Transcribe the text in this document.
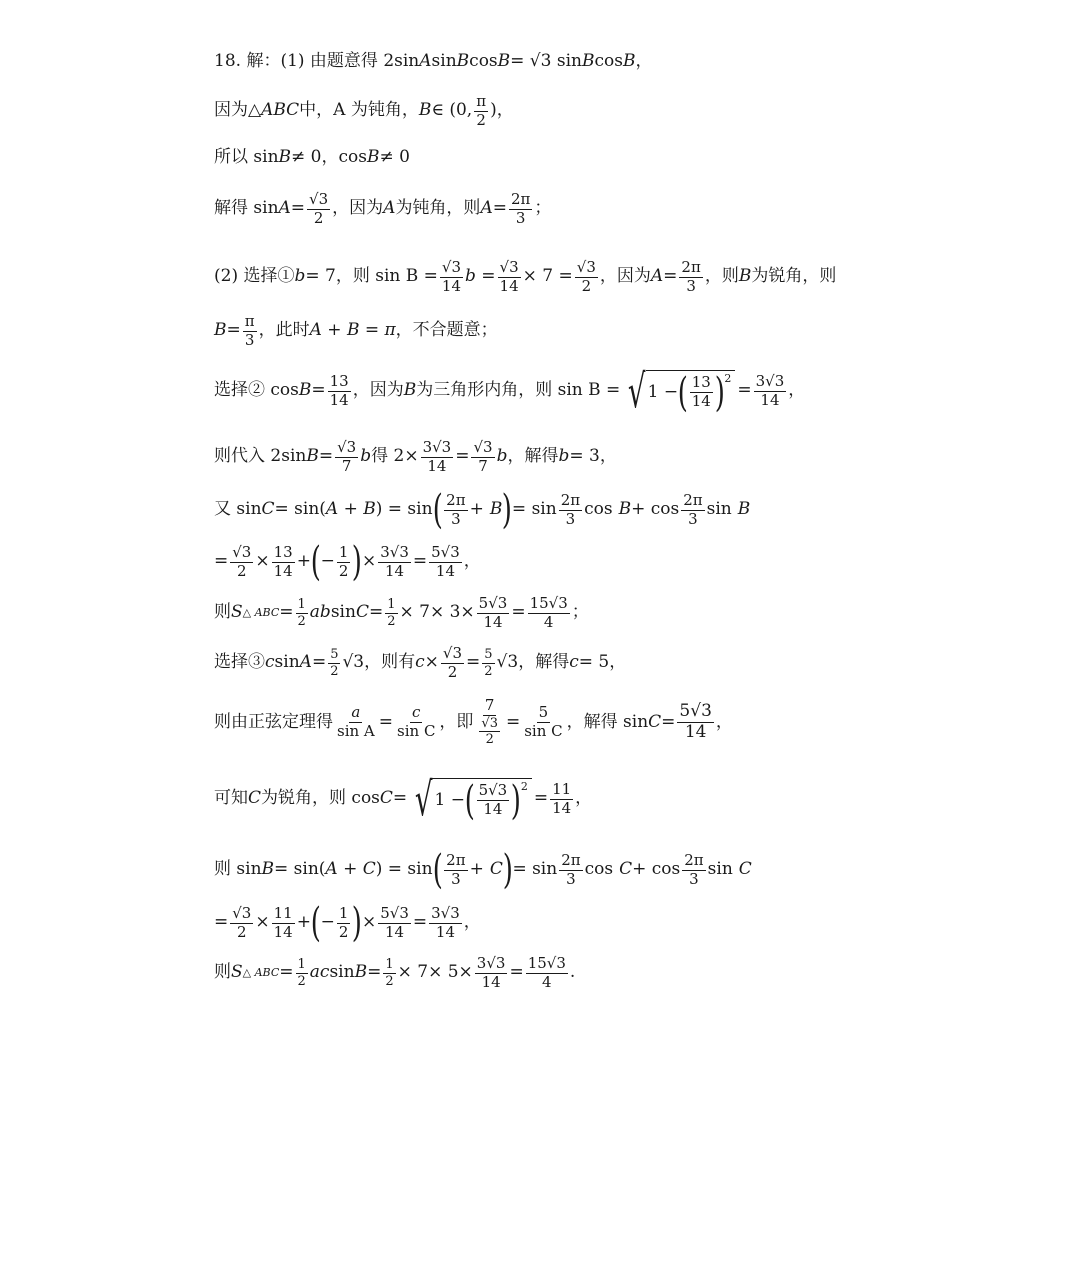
18. 解：(1) 由题意得 2sin A sin B cos B = √3 sin B cos B ，
因为△ ABC 中，A 为钝角， B ∈ (0, $\frac{\pi}{2}$ )，
所以 sin B ≠ 0，cos B ≠ 0
解得 $\sin A = \frac{√3}{2}$ ，因为 A 为钝角，则 $A = \frac{2\pi}{3}$ ；
(2) 选择① b = 7，则 $\sin B = \frac{√3}{14}$ $b = \frac{√3}{14} \times 7 = \frac{√3}{2}$ ，因为 $A = \frac{2\pi}{3}$ ，则 B 为锐角，则
$B = \frac{\pi}{3}$ ，此时 A + B = π ，不合题意；
选择② $\cos B = \frac{13}{14}$ ，因为 B 为三角形内角，则 sin B = √ 1 − ( $\frac{13}{14} )^2$
= $\frac{3√3}{14}$ ，
则代入 2sin $B = \frac{√3}{7}$ b 得 $2\times \frac{3√3}{14} = \frac{√3}{7}$ b ，解得 b = 3，
又 sin C = sin( A + B ) = sin ( $\frac{2\pi}{3} + B$ ) = $\sin \frac{2\pi}{3}$ $\cos B + \cos \frac{2\pi}{3}$ sin B
= $\frac{√3}{2} \times \frac{13}{14}$ + ( − $\frac{1}{2}$ ) × $\frac{3√3}{14} = \frac{5√3}{14}$ ，
则 S △ ABC = $\frac{1}{2}$ ab $\sin C = \frac{1}{2} \times 7\times 3\times \frac{5√3}{14} = \frac{15√3}{4}$ ；
选择③ c $\sin A = \frac{5}{2} √3$，则有 $c \times \frac{√3}{2} = \frac{5}{2} √3$，解得 c = 5，
则由正弦定理得 $\frac{a}{\text{sin A}} = \frac{c}{\text{sin C}}$ ，即 $\frac{7}{\frac{√3}{2}} = \frac{5}{\text{sin C}}$ ，解得 $\sin C = \frac{5√3}{14}$ ，
可知 C 为锐角，则 cos C = √ 1 − ( $\frac{5√3}{14} )^2$
= $\frac{11}{14}$ ，
则 sin B = sin( A + C ) = sin ( $\frac{2\pi}{3} + C$ ) = $\sin \frac{2\pi}{3}$ $\cos C + \cos \frac{2\pi}{3}$ sin C
= $\frac{√3}{2} \times \frac{11}{14}$ + ( − $\frac{1}{2}$ ) × $\frac{5√3}{14} = \frac{3√3}{14}$ ，
则 S △ ABC = $\frac{1}{2}$ ac $\sin B = \frac{1}{2} \times 7\times 5\times \frac{3√3}{14} = \frac{15√3}{4}$ .
